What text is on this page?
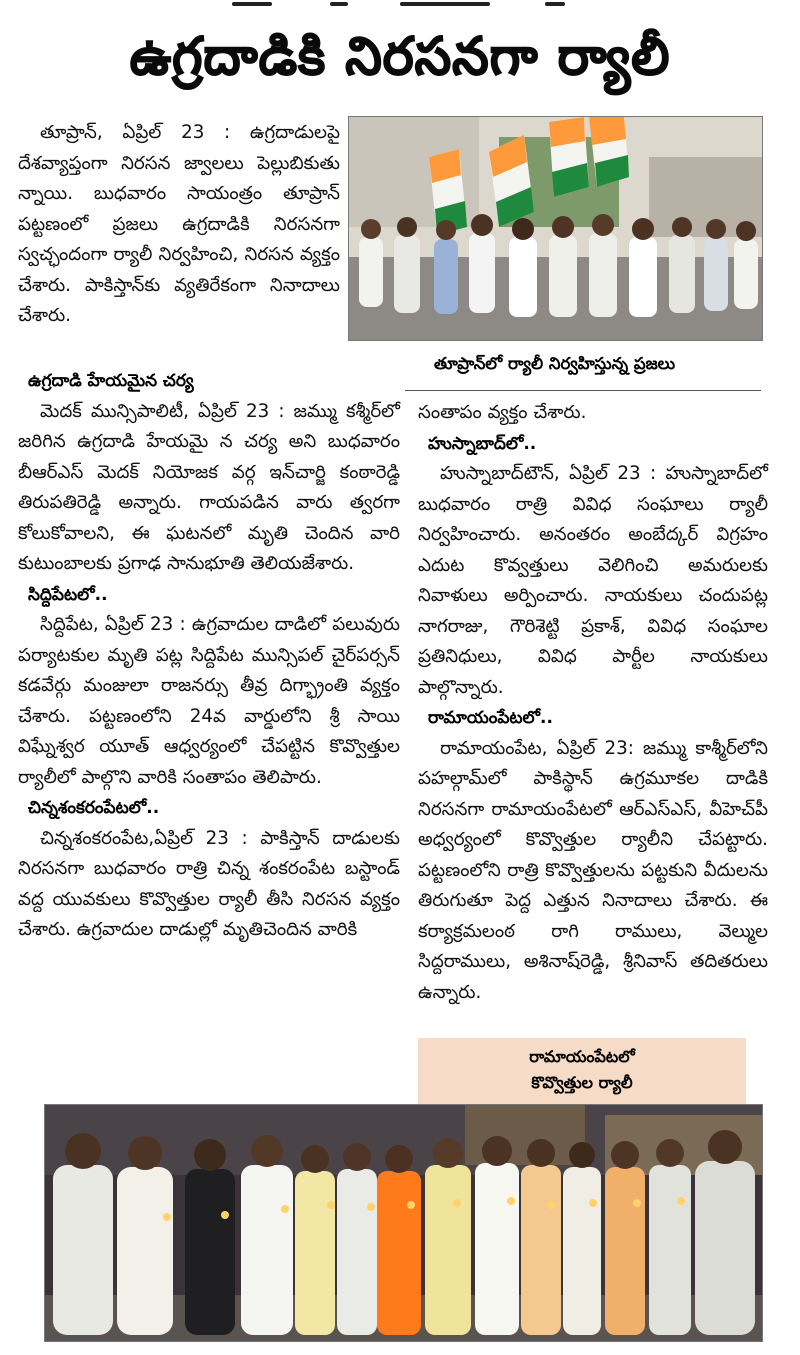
ఉగ్రదాడికి నిరసనగా ర్యాలీ
తూప్రాన్‌లో ర్యాలీ నిర్వహిస్తున్న ప్రజలు

తూప్రాన్, ఏప్రిల్ 23 : ఉగ్రదాడులపై దేశవ్యాప్తంగా నిరసన జ్వాలలు పెల్లుబికుతు న్నాయి. బుధవారం సాయంత్రం తూప్రాన్ పట్టణంలో ప్రజలు ఉగ్రదాడికి నిరసనగా స్వచ్ఛందంగా ర్యాలీ నిర్వహించి, నిరసన వ్యక్తం చేశారు. పాకిస్తాన్‌కు వ్యతిరేకంగా నినాదాలు చేశారు.

ఉగ్రదాడి హేయమైన చర్య

మెదక్ మున్సిపాలిటీ, ఏప్రిల్ 23 : జమ్ము కశ్మీర్‌లో జరిగిన ఉగ్రదాడి హేయమై న చర్య అని బుధవారం బీఆర్ఎస్ మెదక్ నియోజక వర్గ ఇన్‌చార్జి కంఠారెడ్డి తిరుపతిరెడ్డి అన్నారు. గాయపడిన వారు త్వరగా కోలుకోవాలని, ఈ ఘటనలో మృతి చెందిన వారి కుటుంబాలకు ప్రగాఢ సానుభూతి తెలియజేశారు.

సిద్దిపేటలో..

సిద్దిపేట, ఏప్రిల్ 23 : ఉగ్రవాదుల దాడిలో పలువురు పర్యాటకుల మృతి పట్ల సిద్దిపేట మున్సిపల్ చైర్‌పర్సన్ కడవేర్గు మంజులా రాజనర్సు తీవ్ర దిగ్భ్రాంతి వ్యక్తం చేశారు. పట్టణంలోని 24వ వార్డులోని శ్రీ సాయి విఘ్నేశ్వర యూత్ ఆధ్వర్యంలో చేపట్టిన కొవ్వొత్తుల ర్యాలీలో పాల్గొని వారికి సంతాపం తెలిపారు.

చిన్నశంకరంపేటలో..

చిన్నశంకరంపేట,ఏప్రిల్ 23 : పాకిస్తాన్ దాడులకు నిరసనగా బుధవారం రాత్రి చిన్న శంకరంపేట బస్టాండ్ వద్ద యువకులు కొవ్వొత్తుల ర్యాలీ తీసి నిరసన వ్యక్తం చేశారు. ఉగ్రవాదుల దాడుల్లో మృతిచెందిన వారికి

సంతాపం వ్యక్తం చేశారు.

హుస్నాబాద్‌లో..

హుస్నాబాద్‌టౌన్, ఏప్రిల్ 23 : హుస్నాబాద్‌లో బుధవారం రాత్రి వివిధ సంఘాలు ర్యాలీ నిర్వహించారు. అనంతరం అంబేద్కర్ విగ్రహం ఎదుట కొవ్వత్తులు వెలిగించి అమరులకు నివాళులు అర్పించారు. నాయకులు చందుపట్ల నాగరాజు, గౌరిశెట్టి ప్రకాశ్, వివిధ సంఘాల ప్రతినిధులు, వివిధ పార్టీల నాయకులు పాల్గొన్నారు.

రామాయంపేటలో..

రామాయంపేట, ఏప్రిల్ 23: జమ్ము కాశ్మీర్‌లోని పహల్గామ్‌లో పాకిస్థాన్ ఉగ్రమూకల దాడికి నిరసనగా రామాయంపేటలో ఆర్ఎస్ఎస్, వీహెచ్‌పీ అధ్వర్యంలో కొవ్వొత్తుల ర్యాలీని చేపట్టారు. పట్టణంలోని రాత్రి కొవ్వొత్తులను పట్టకుని వీదులను తిరుగుతూ పెద్ద ఎత్తున నినాదాలు చేశారు. ఈ కర్యాక్రమలంఠ రాగి రాములు, వెల్ముల సిద్దరాములు, అశినాష్‌రెడ్డి, శ్రీనివాస్ తదితరులు ఉన్నారు.

రామాయంపేటలో
కొవ్వొత్తుల ర్యాలీ
